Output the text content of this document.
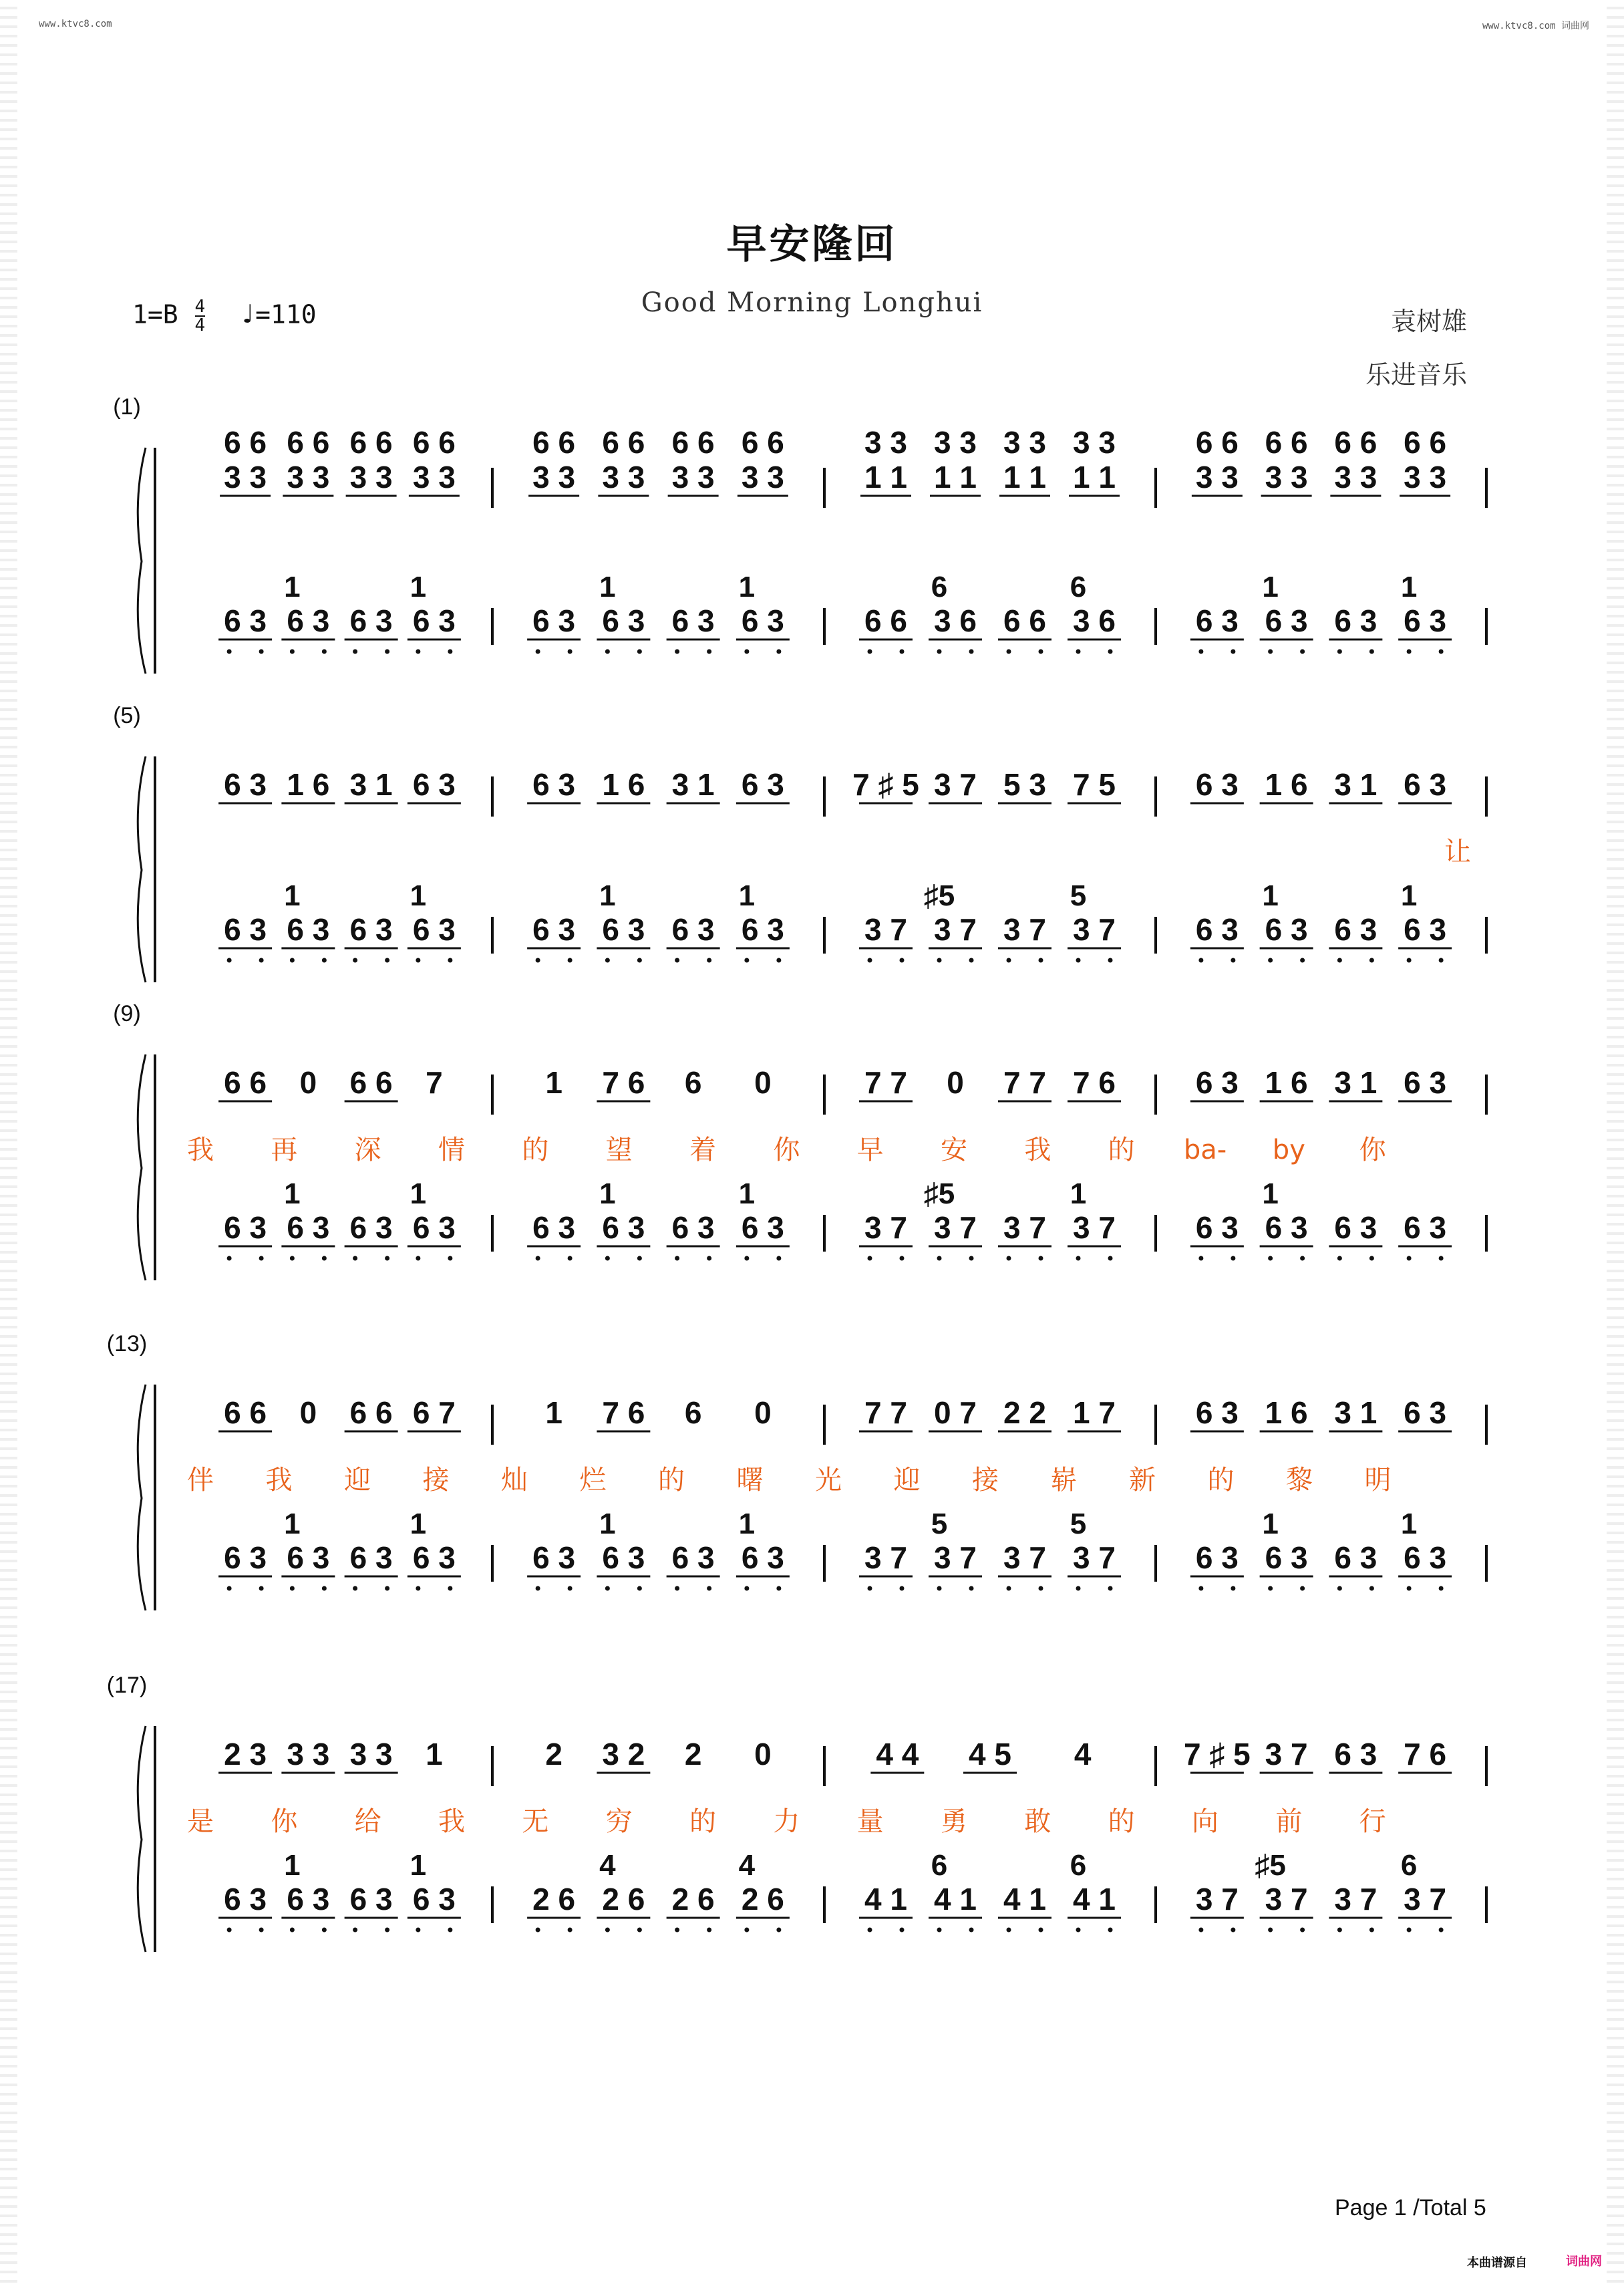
www.ktvc8.com	www.ktvc8.com 词曲网
早安隆回
Good Morning Longhui
$1=B \frac{4}{4}$ ♩=110	袁树雄
乐进音乐
(1)
6 6 6 6 6 6 6 6
3 3 3 3 3 3 3 3
6 6 6 6 6 6 6 6
3 3 3 3 3 3 3 3
3 3 3 3 3 3 3 3
1 1 1 1 1 1 1 1
6 6 6 6 6 6 6 6
3 3 3 3 3 3 3 3
6 3 6 3 6 3 6 3
1	1
6 3 6 3 6 3 6 3
1	1
6 6 3 6 6 6 3 6
6	6
6 3 6 3 6 3 6 3
1	1
(5)
6 3 1 6 3 1 6 3	6 3 1 6 3 1 6 3 7 ♯ 5 3 7 5 3 7 5	6 3 1 6 3 1 6 3
让
6 3 6 3 6 3 6 3
1	1
6 3 6 3 6 3 6 3
1	1
3 7 3 7 3 7 3 7
♯5	5
6 3 6 3 6 3 6 3
1	1
(9)
6 6 0 6 6 7	1 7 6 6 0	7 7 0 7 7 7 6	6 3 1 6 3 1 6 3
我 再 深 情 的 望 着 你 早 安 我 的 ba- by 你
6 3 6 3 6 3 6 3
1	1
6 3 6 3 6 3 6 3
1	1
3 7 3 7 3 7 3 7
♯5	1
6 3 6 3 6 3 6 3
1
(13)
6 6 0 6 6 6 7	1 7 6 6 0	7 7 0 7 2 2 1 7	6 3 1 6 3 1 6 3
伴 我 迎 接 灿 烂 的 曙 光 迎 接 崭 新 的 黎 明
6 3 6 3 6 3 6 3
1	1
6 3 6 3 6 3 6 3
1	1
3 7 3 7 3 7 3 7
5	5
6 3 6 3 6 3 6 3
1	1
(17)
2 3 3 3 3 3 1	2 3 2 2 0	4 4 4 5 4	7 ♯ 5 3 7 6 3 7 6
是 你 给 我 无 穷 的 力 量 勇 敢 的 向 前 行
6 3 6 3 6 3 6 3
1	1
2 6 2 6 2 6 2 6
4	4
4 1 4 1 4 1 4 1
6	6
3 7 3 7 3 7 3 7
♯5	6
Page 1 /Total 5
本曲谱源自	词曲网
